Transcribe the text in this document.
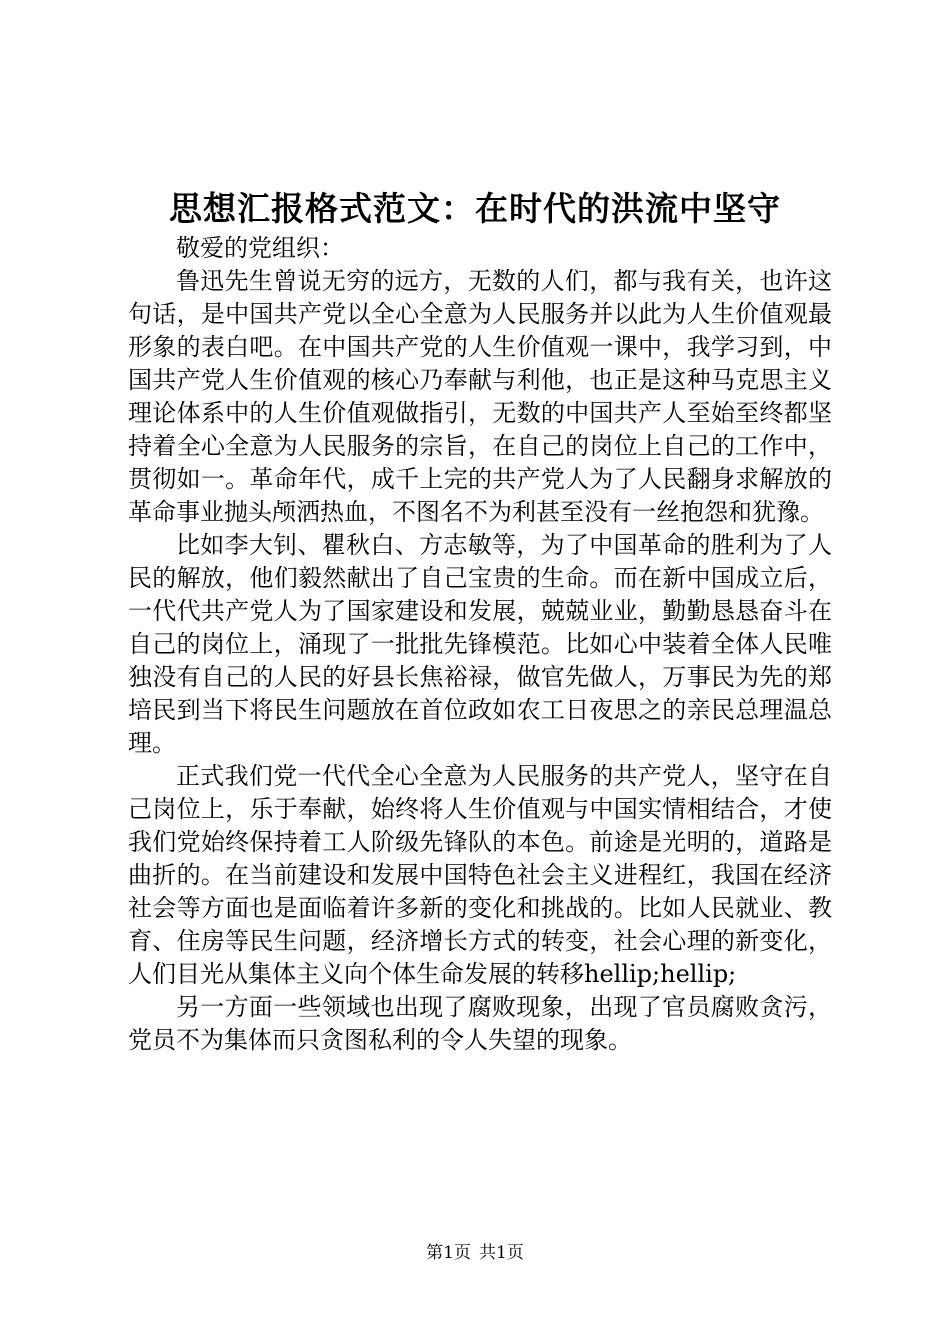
思想汇报格式范文：在时代的洪流中坚守

敬爱的党组织：

鲁迅先生曾说无穷的远方，无数的人们，都与我有关，也许这句话，是中国共产党以全心全意为人民服务并以此为人生价值观最形象的表白吧。在中国共产党的人生价值观一课中，我学习到，中国共产党人生价值观的核心乃奉献与利他，也正是这种马克思主义理论体系中的人生价值观做指引，无数的中国共产人至始至终都坚持着全心全意为人民服务的宗旨，在自己的岗位上自己的工作中，贯彻如一。革命年代，成千上完的共产党人为了人民翻身求解放的革命事业抛头颅洒热血，不图名不为利甚至没有一丝抱怨和犹豫。

比如李大钊、瞿秋白、方志敏等，为了中国革命的胜利为了人民的解放，他们毅然献出了自己宝贵的生命。而在新中国成立后，一代代共产党人为了国家建设和发展，兢兢业业，勤勤恳恳奋斗在自己的岗位上，涌现了一批批先锋模范。比如心中装着全体人民唯独没有自己的人民的好县长焦裕禄，做官先做人，万事民为先的郑培民到当下将民生问题放在首位政如农工日夜思之的亲民总理温总理。

正式我们党一代代全心全意为人民服务的共产党人，坚守在自己岗位上，乐于奉献，始终将人生价值观与中国实情相结合，才使我们党始终保持着工人阶级先锋队的本色。前途是光明的，道路是曲折的。在当前建设和发展中国特色社会主义进程红，我国在经济社会等方面也是面临着许多新的变化和挑战的。比如人民就业、教育、住房等民生问题，经济增长方式的转变，社会心理的新变化，人们目光从集体主义向个体生命发展的转移hellip;hellip;

另一方面一些领域也出现了腐败现象，出现了官员腐败贪污，党员不为集体而只贪图私利的令人失望的现象。

第1页 共1页
